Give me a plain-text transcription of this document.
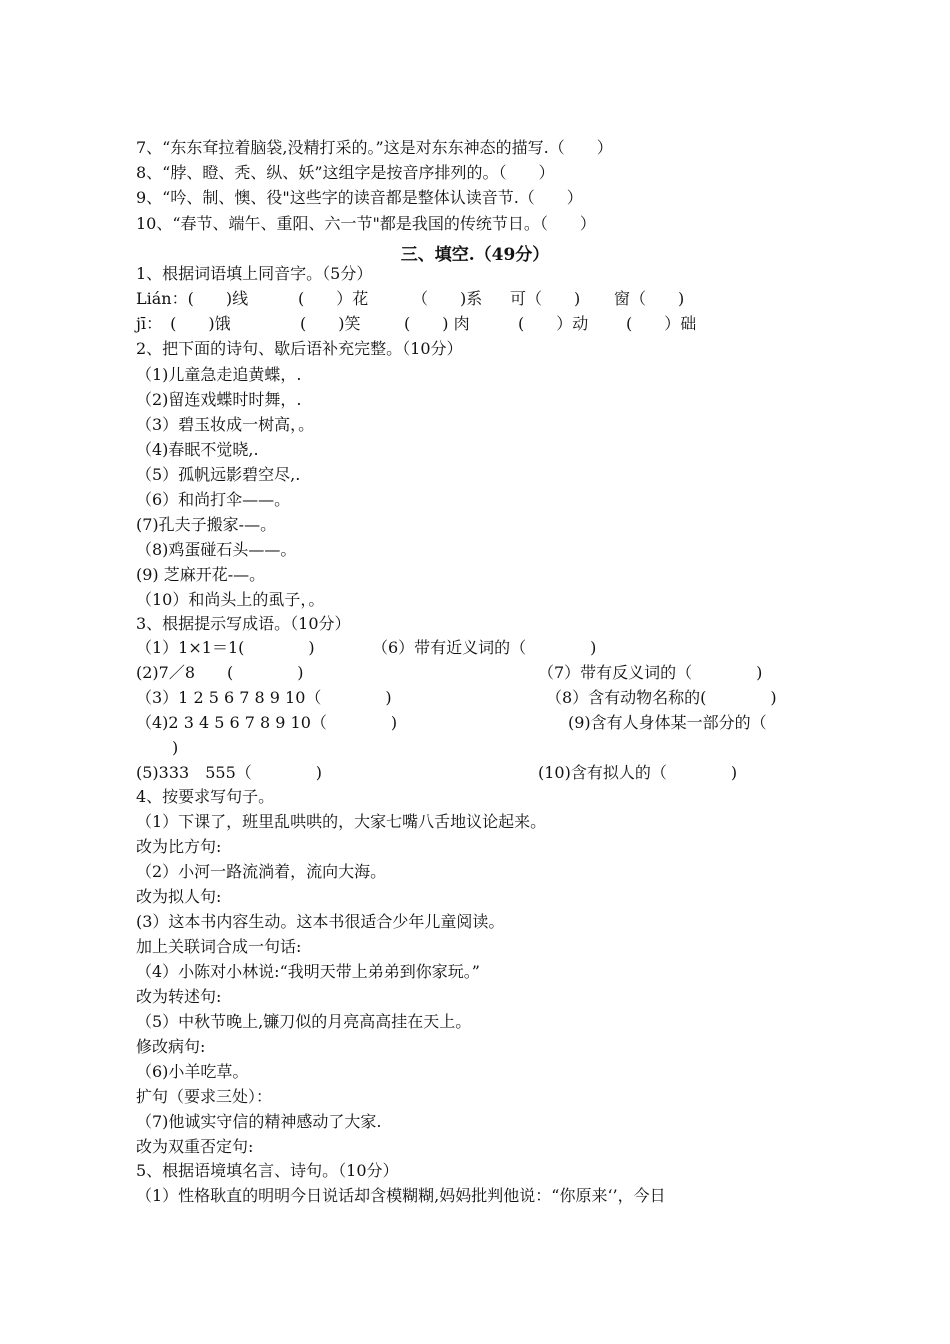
7、“东东耷拉着脑袋,没精打采的。”这是对东东神态的描写.（　　）
8、“脖、瞪、秃、纵、妖”这组字是按音序排列的。（　　）
9、“吟、制、懊、役"这些字的读音都是整体认读音节.（　　）
10、“春节、端午、重阳、六一节"都是我国的传统节日。（　　）
三、填空.（49分）
1、根据词语填上同音字。（5分）
Lián：(　　)线	(　　）花	（　　)系 可（　　) 窗（　　)
jī：　(　　)饿	(　　)笑	(　　) 肉	(　　）动 (　　）础
2、把下面的诗句、歇后语补充完整。（10分）
（1)儿童急走追黄蝶，.
（2)留连戏蝶时时舞，.
（3）碧玉妆成一树高，。
（4)春眠不觉晓,.
（5）孤帆远影碧空尽,.
（6）和尚打伞——。
(7)孔夫子搬家-—。
（8)鸡蛋碰石头——。
(9) 芝麻开花-—。
（10）和尚头上的虱子，。
3、根据提示写成语。（10分）
（1）1×1＝1(　　　　)	（6）带有近义词的（　　　　)
(2)7／8　　(　　　　)	（7）带有反义词的（　　　　)
（3）1 2 5 6 7 8 9 10（　　　　)	（8）含有动物名称的(　　　　)
（4)2 3 4 5 6 7 8 9 10（　　　　)	(9)含有人身体某一部分的（
)
(5)333　555（　　　　)	(10)含有拟人的（　　　　)
4、按要求写句子。
（1）下课了，班里乱哄哄的，大家七嘴八舌地议论起来。
改为比方句:
（2）小河一路流淌着，流向大海。
改为拟人句:
(3）这本书内容生动。这本书很适合少年儿童阅读。
加上关联词合成一句话:
（4）小陈对小林说:“我明天带上弟弟到你家玩。”
改为转述句:
（5）中秋节晚上,镰刀似的月亮高高挂在天上。
修改病句:
（6)小羊吃草。
扩句（要求三处）：
（7)他诚实守信的精神感动了大家.
改为双重否定句:
5、根据语境填名言、诗句。（10分）
（1）性格耿直的明明今日说话却含模糊糊,妈妈批判他说：“你原来‘’，今日
